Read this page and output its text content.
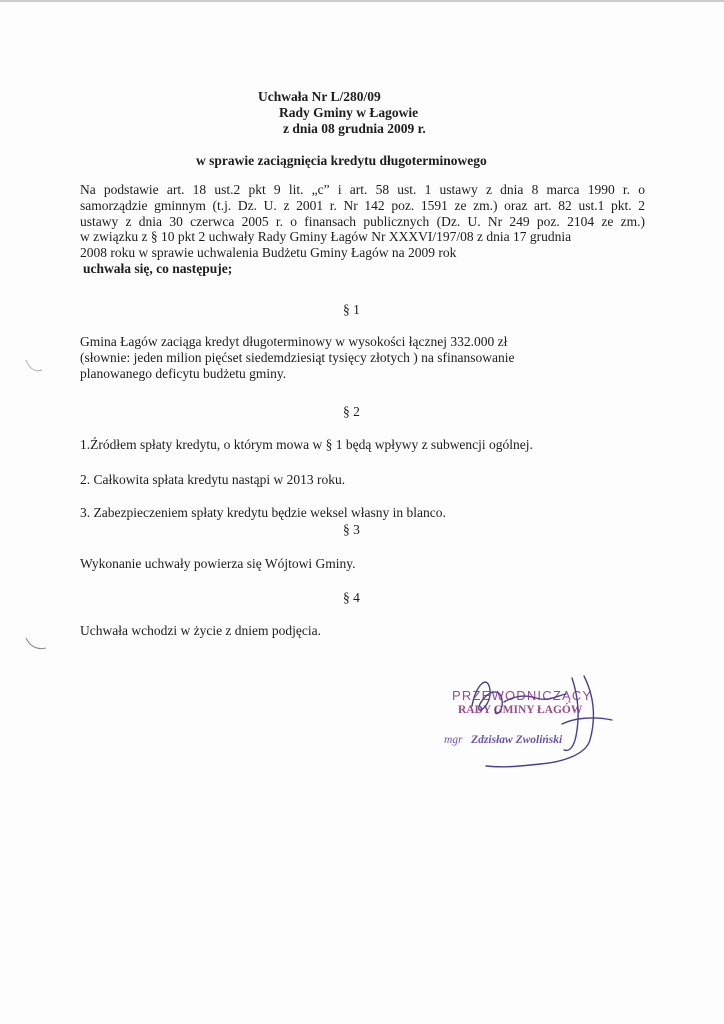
Uchwała Nr L/280/09
Rady Gminy w Łagowie
z dnia 08 grudnia 2009 r.
w sprawie zaciągnięcia kredytu długoterminowego
Na podstawie art. 18 ust.2 pkt 9 lit. „c” i art. 58 ust. 1 ustawy z dnia 8 marca 1990 r. o
samorządzie gminnym (t.j. Dz. U. z 2001 r. Nr 142 poz. 1591 ze zm.) oraz art. 82 ust.1 pkt. 2
ustawy z dnia 30 czerwca 2005 r. o finansach publicznych (Dz. U. Nr 249 poz. 2104 ze zm.)
w związku z § 10 pkt 2 uchwały Rady Gminy Łagów Nr XXXVI/197/08 z dnia 17 grudnia
2008 roku w sprawie uchwalenia Budżetu Gminy Łagów na 2009 rok
uchwała się, co następuje;
§ 1
Gmina Łagów zaciąga kredyt długoterminowy w wysokości łącznej 332.000 zł
(słownie: jeden milion pięćset siedemdziesiąt tysięcy złotych ) na sfinansowanie
planowanego deficytu budżetu gminy.
§ 2
1.Źródłem spłaty kredytu, o którym mowa w § 1 będą wpływy z subwencji ogólnej.
2. Całkowita spłata kredytu nastąpi w 2013 roku.
3. Zabezpieczeniem spłaty kredytu będzie weksel własny in blanco.
§ 3
Wykonanie uchwały powierza się Wójtowi Gminy.
§ 4
Uchwała wchodzi w życie z dniem podjęcia.
PRZEWODNICZĄCY
RADY GMINY ŁAGÓW
mgr Zdzisław Zwoliński
